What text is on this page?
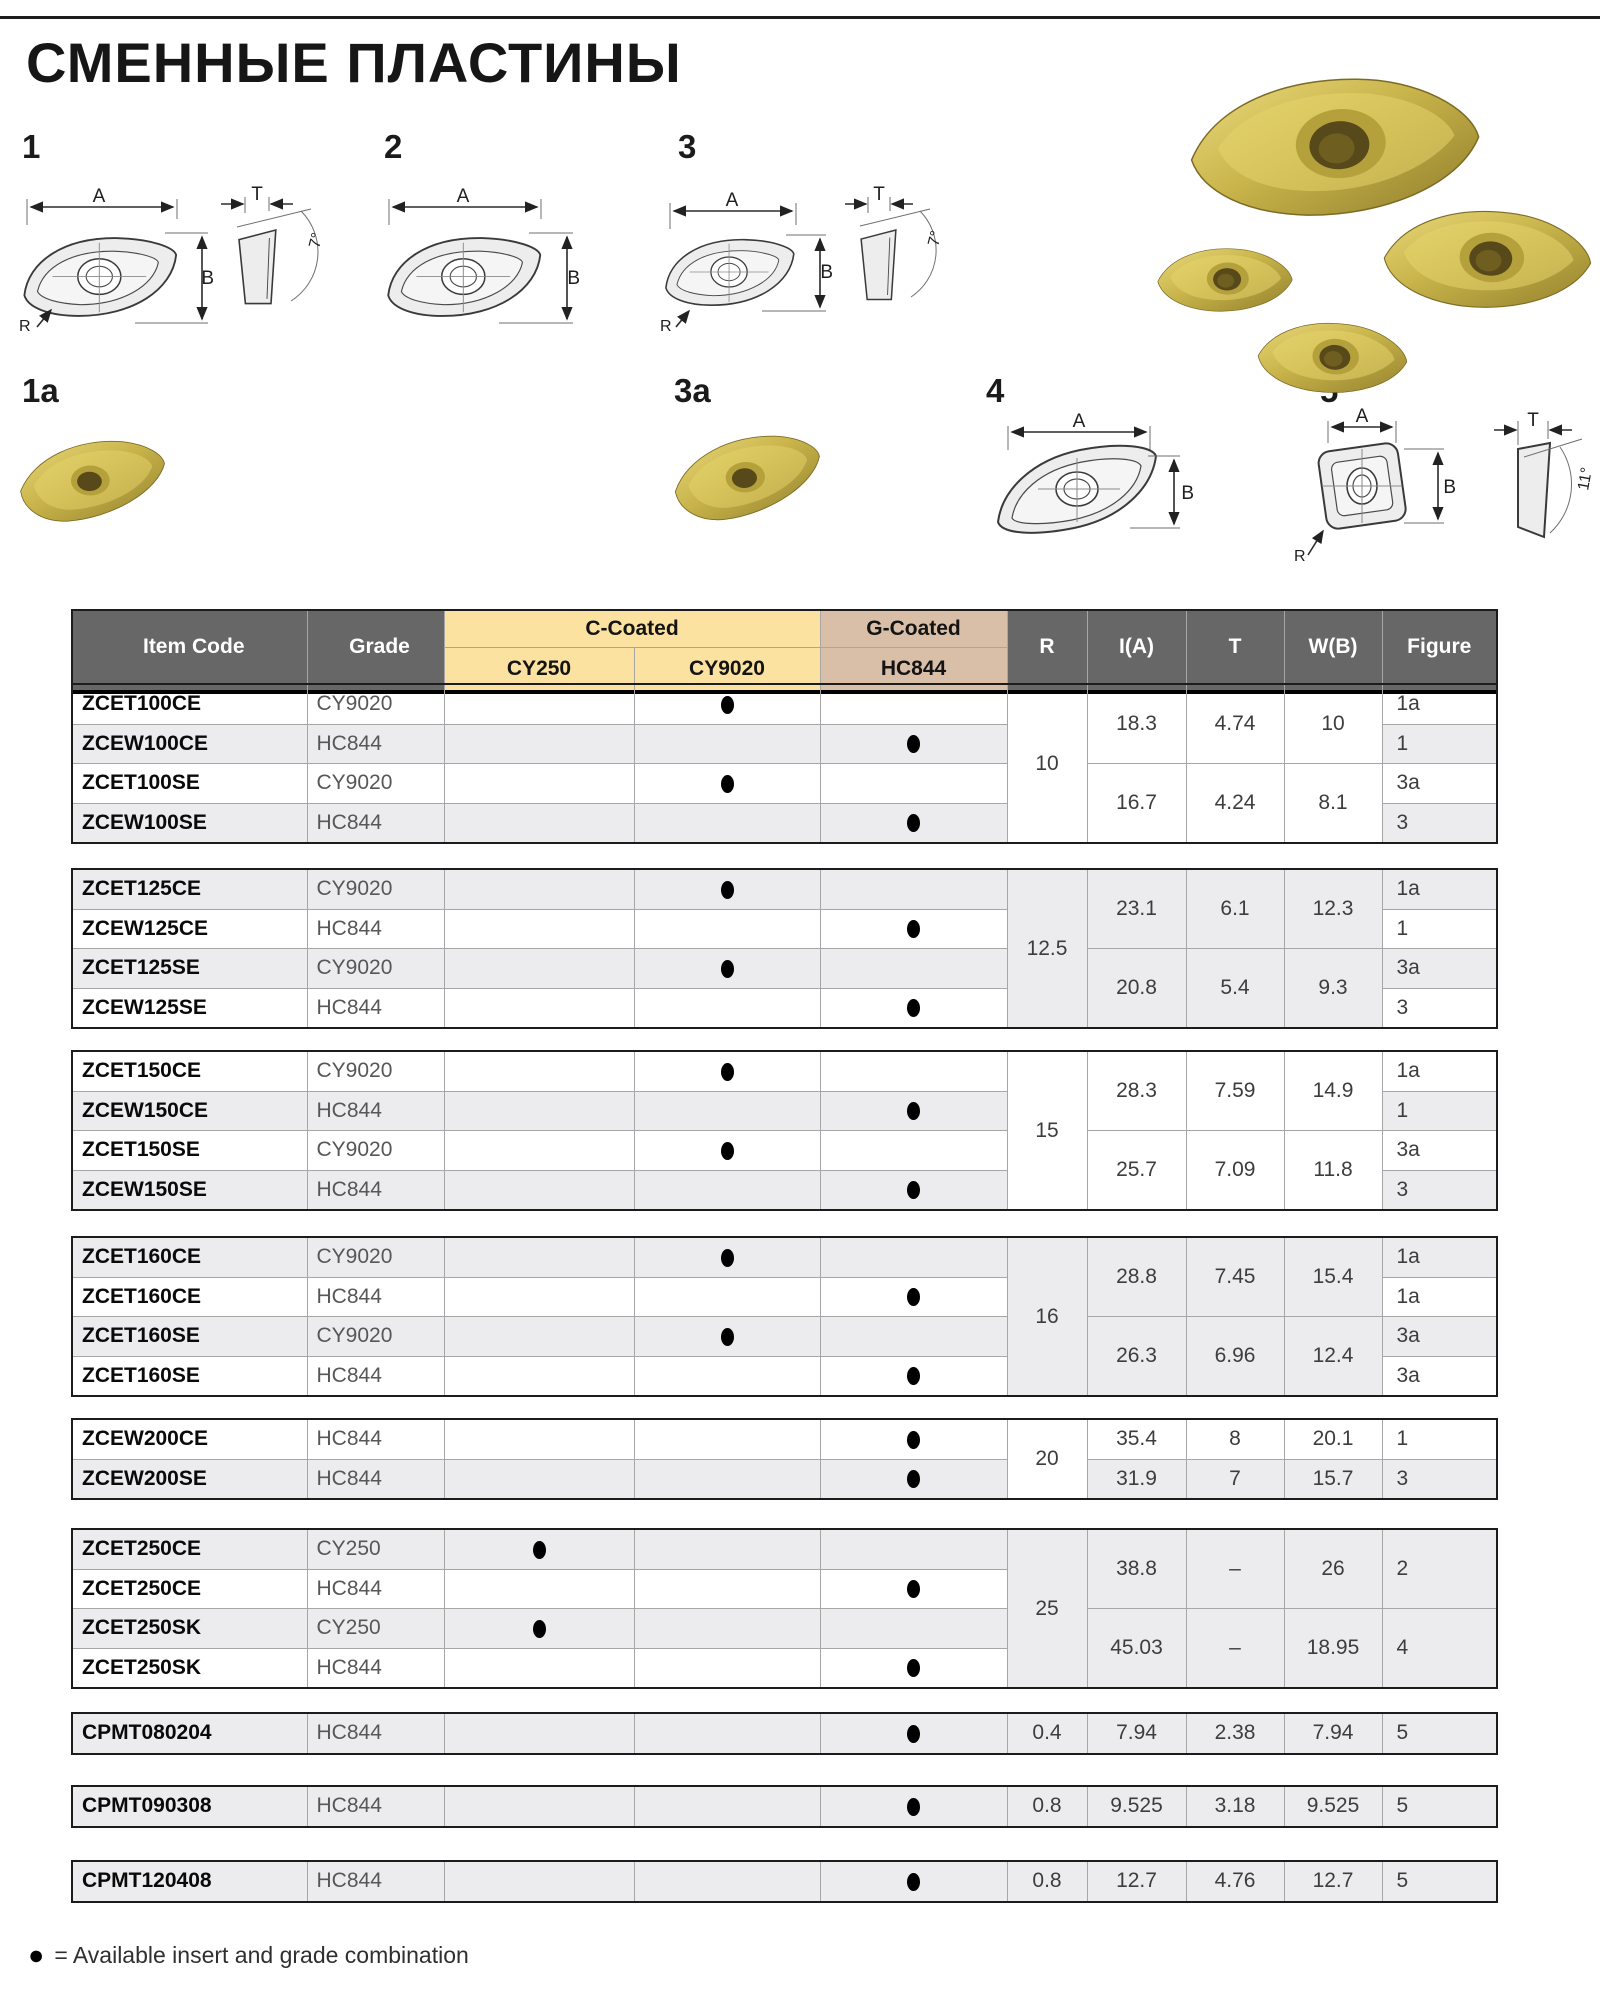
СМЕННЫЕ ПЛАСТИНЫ
1	2	3
1a	3a	4
A
B
R
T
7°
A
B
A
B
R
T
7°
A
B
A
B
R
T
11°
Item Code	Grade	C-Coated		G-Coated	R	I(A)	T	W(B)	Figure
		CY250	CY9020	HC844					
ZCET100CE	CY9020				10	18.3	4.74	10	1a
ZCEW100CE	HC844								1
ZCET100SE	CY9020					16.7	4.24	8.1	3a
ZCEW100SE	HC844								3
ZCET125CE	CY9020				12.5	23.1	6.1	12.3	1a
ZCEW125CE	HC844								1
ZCET125SE	CY9020					20.8	5.4	9.3	3a
ZCEW125SE	HC844								3
ZCET150CE	CY9020				15	28.3	7.59	14.9	1a
ZCEW150CE	HC844								1
ZCET150SE	CY9020					25.7	7.09	11.8	3a
ZCEW150SE	HC844								3
ZCET160CE	CY9020				16	28.8	7.45	15.4	1a
ZCET160CE	HC844								1a
ZCET160SE	CY9020					26.3	6.96	12.4	3a
ZCET160SE	HC844								3a
ZCEW200CE	HC844				20	35.4	8	20.1	1
ZCEW200SE	HC844					31.9	7	15.7	3
ZCET250CE	CY250				25	38.8	–	26	2
ZCET250CE	HC844								
ZCET250SK	CY250					45.03	–	18.95	4
ZCET250SK	HC844								
CPMT080204	HC844				0.4	7.94	2.38	7.94	5
CPMT090308	HC844				0.8	9.525	3.18	9.525	5
CPMT120408	HC844				0.8	12.7	4.76	12.7	5
● = Available insert and grade combination
